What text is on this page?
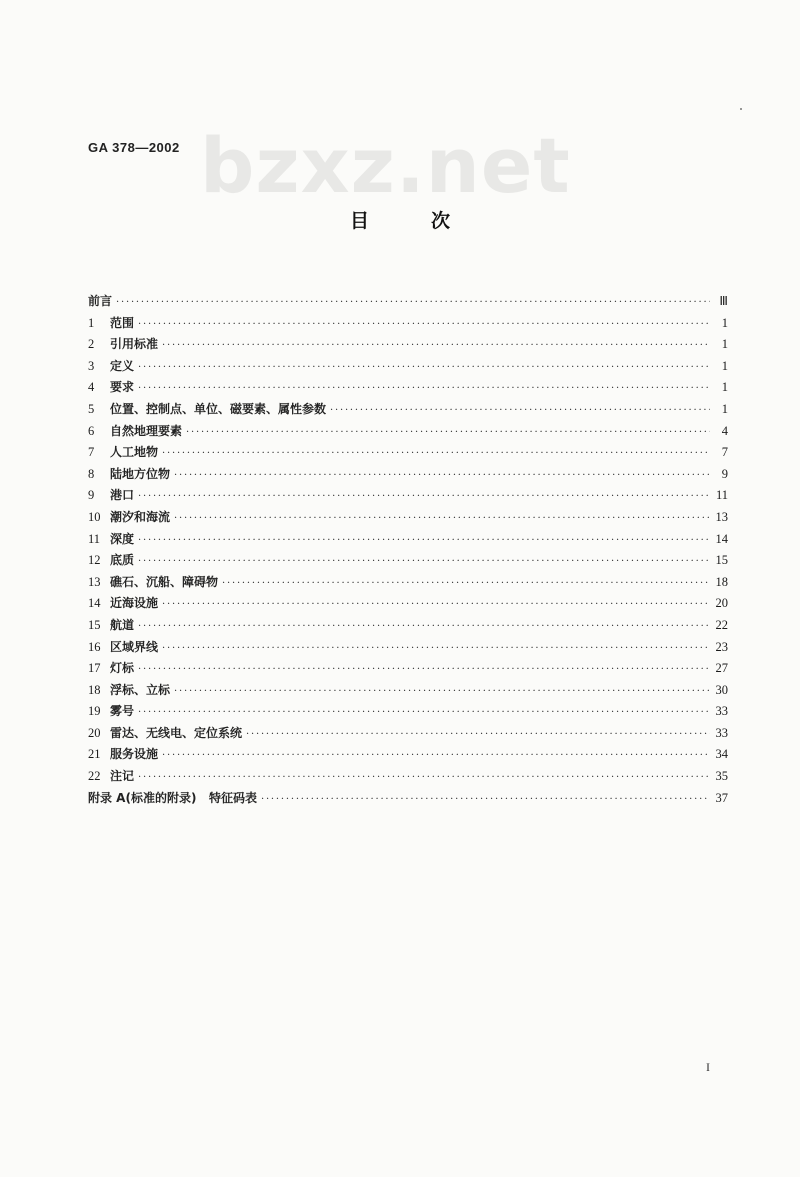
GA 378—2002 bzxz.net
目	次
前言 ·····	Ⅲ
1	范围 ·····	1
2	引用标准 ·····	1
3	定义 ·····	1
4	要求 ·····	1
5	位置、控制点、单位、磁要素、属性参数 ·····	1
6	自然地理要素 ·····	4
7	人工地物 ·····	7
8	陆地方位物 ·····	9
9	港口 ·····	11
10 潮汐和海流 ·····	13
11 深度 ·····	14
12 底质 ·····	15
13 礁石、沉船、障碍物 ·····	18
14 近海设施 ·····	20
15 航道 ·····	22
16 区域界线 ·····	23
17 灯标 ·····	27
18 浮标、立标 ·····	30
19 雾号 ·····	33
20 雷达、无线电、定位系统 ·····	33
21 服务设施 ·····	34
22 注记 ·····	35
附录 A(标准的附录)   特征码表 ·····	37
I
